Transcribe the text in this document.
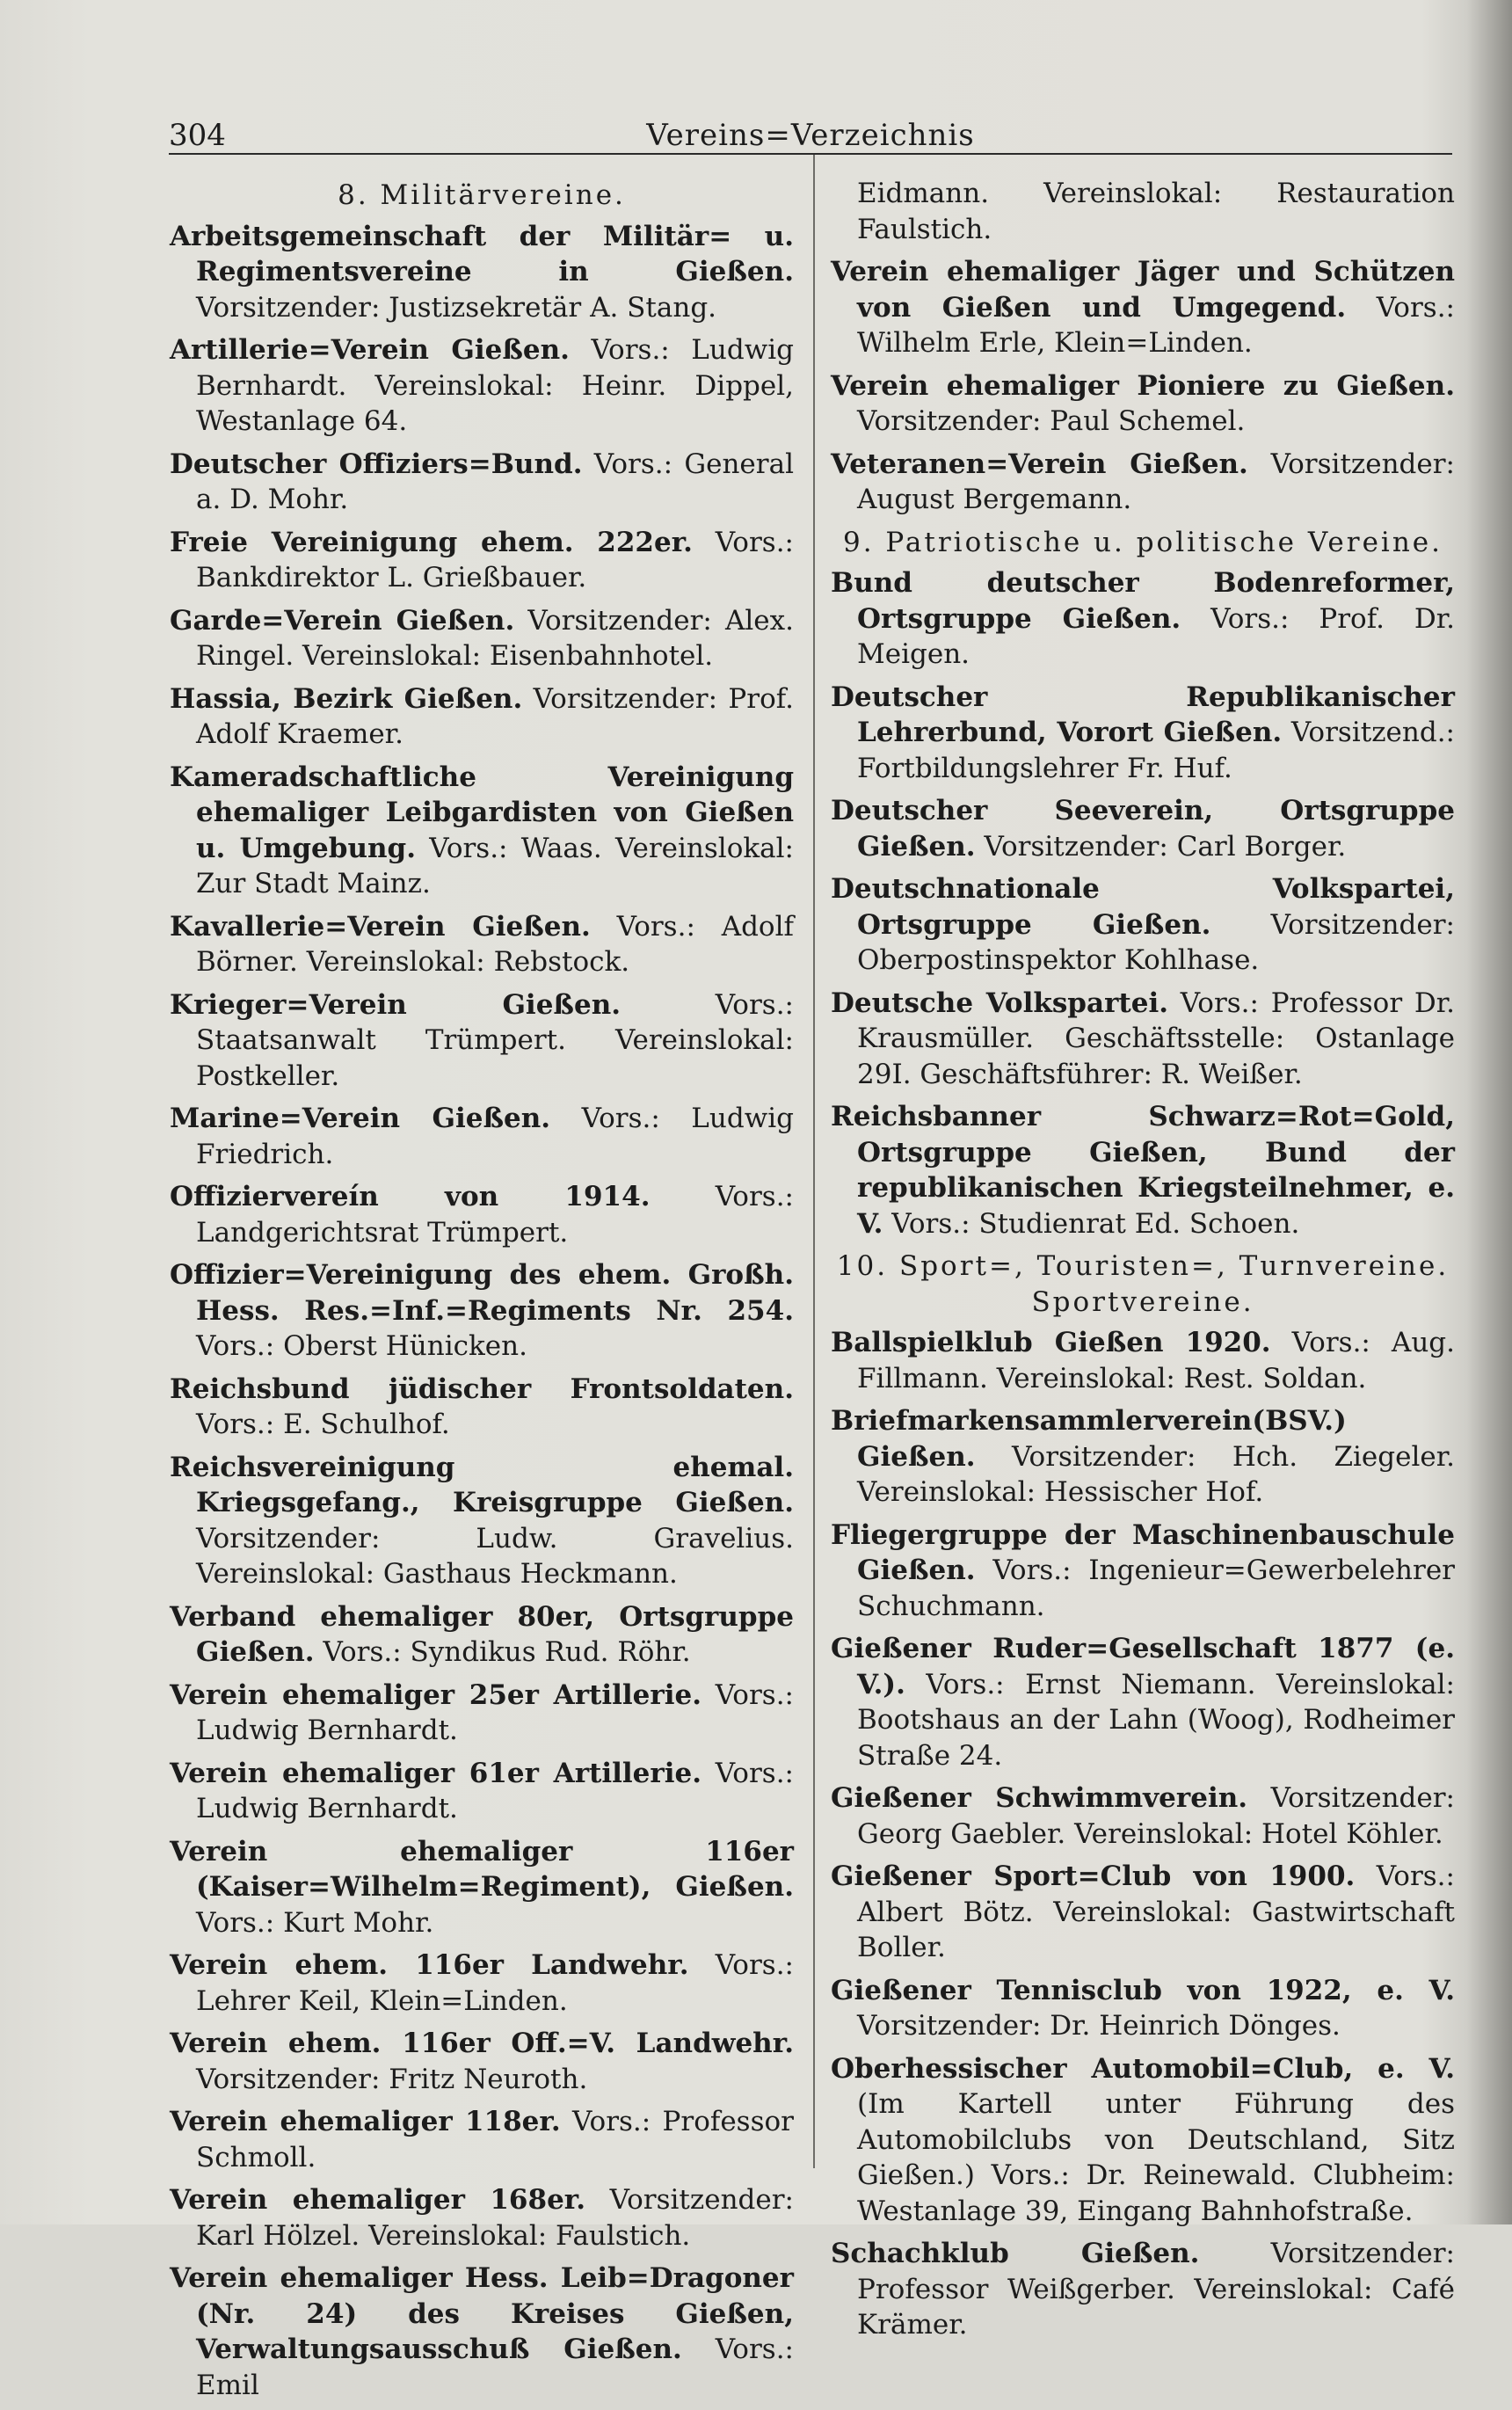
304	Vereins=Verzeichnis
8. Militärvereine.

Arbeitsgemeinschaft der Militär= u. Regimentsvereine in Gießen. Vorsitzender: Justizsekretär A. Stang.

Artillerie=Verein Gießen. Vors.: Ludwig Bernhardt. Vereinslokal: Heinr. Dippel, Westanlage 64.

Deutscher Offiziers=Bund. Vors.: General a. D. Mohr.

Freie Vereinigung ehem. 222er. Vors.: Bankdirektor L. Grießbauer.

Garde=Verein Gießen. Vorsitzender: Alex. Ringel. Vereinslokal: Eisenbahnhotel.

Hassia, Bezirk Gießen. Vorsitzender: Prof. Adolf Kraemer.

Kameradschaftliche Vereinigung ehemaliger Leibgardisten von Gießen u. Umgebung. Vors.: Waas. Vereinslokal: Zur Stadt Mainz.

Kavallerie=Verein Gießen. Vors.: Adolf Börner. Vereinslokal: Rebstock.

Krieger=Verein Gießen. Vors.: Staatsanwalt Trümpert. Vereinslokal: Postkeller.

Marine=Verein Gießen. Vors.: Ludwig Friedrich.

Offiziervereín von 1914. Vors.: Landgerichtsrat Trümpert.

Offizier=Vereinigung des ehem. Großh. Hess. Res.=Inf.=Regiments Nr. 254. Vors.: Oberst Hünicken.

Reichsbund jüdischer Frontsoldaten. Vors.: E. Schulhof.

Reichsvereinigung ehemal. Kriegsgefang., Kreisgruppe Gießen. Vorsitzender: Ludw. Gravelius. Vereinslokal: Gasthaus Heckmann.

Verband ehemaliger 80er, Ortsgruppe Gießen. Vors.: Syndikus Rud. Röhr.

Verein ehemaliger 25er Artillerie. Vors.: Ludwig Bernhardt.

Verein ehemaliger 61er Artillerie. Vors.: Ludwig Bernhardt.

Verein ehemaliger 116er (Kaiser=Wilhelm=Regiment), Gießen. Vors.: Kurt Mohr.

Verein ehem. 116er Landwehr. Vors.: Lehrer Keil, Klein=Linden.

Verein ehem. 116er Off.=V. Landwehr. Vorsitzender: Fritz Neuroth.

Verein ehemaliger 118er. Vors.: Professor Schmoll.

Verein ehemaliger 168er. Vorsitzender: Karl Hölzel. Vereinslokal: Faulstich.

Verein ehemaliger Hess. Leib=Dragoner (Nr. 24) des Kreises Gießen, Verwaltungsausschuß Gießen. Vors.: Emil

Eidmann. Vereinslokal: Restauration Faulstich.

Verein ehemaliger Jäger und Schützen von Gießen und Umgegend. Vors.: Wilhelm Erle, Klein=Linden.

Verein ehemaliger Pioniere zu Gießen. Vorsitzender: Paul Schemel.

Veteranen=Verein Gießen. Vorsitzender: August Bergemann.

9. Patriotische u. politische Vereine.

Bund deutscher Bodenreformer, Ortsgruppe Gießen. Vors.: Prof. Dr. Meigen.

Deutscher Republikanischer Lehrerbund, Vorort Gießen. Vorsitzend.: Fortbildungslehrer Fr. Huf.

Deutscher Seeverein, Ortsgruppe Gießen. Vorsitzender: Carl Borger.

Deutschnationale Volkspartei, Ortsgruppe Gießen. Vorsitzender: Oberpostinspektor Kohlhase.

Deutsche Volkspartei. Vors.: Professor Dr. Krausmüller. Geschäftsstelle: Ostanlage 29I. Geschäftsführer: R. Weißer.

Reichsbanner Schwarz=Rot=Gold, Ortsgruppe Gießen, Bund der republikanischen Kriegsteilnehmer, e. V. Vors.: Studienrat Ed. Schoen.

10. Sport=, Touristen=, Turnvereine. Sportvereine.

Ballspielklub Gießen 1920. Vors.: Aug. Fillmann. Vereinslokal: Rest. Soldan.

Briefmarkensammlerverein(BSV.) Gießen. Vorsitzender: Hch. Ziegeler. Vereinslokal: Hessischer Hof.

Fliegergruppe der Maschinenbauschule Gießen. Vors.: Ingenieur=Gewerbelehrer Schuchmann.

Gießener Ruder=Gesellschaft 1877 (e. V.). Vors.: Ernst Niemann. Vereinslokal: Bootshaus an der Lahn (Woog), Rodheimer Straße 24.

Gießener Schwimmverein. Vorsitzender: Georg Gaebler. Vereinslokal: Hotel Köhler.

Gießener Sport=Club von 1900. Vors.: Albert Bötz. Vereinslokal: Gastwirtschaft Boller.

Gießener Tennisclub von 1922, e. V. Vorsitzender: Dr. Heinrich Dönges.

Oberhessischer Automobil=Club, e. V. (Im Kartell unter Führung des Automobilclubs von Deutschland, Sitz Gießen.) Vors.: Dr. Reinewald. Clubheim: Westanlage 39, Eingang Bahnhofstraße.

Schachklub Gießen. Vorsitzender: Professor Weißgerber. Vereinslokal: Café Krämer.
